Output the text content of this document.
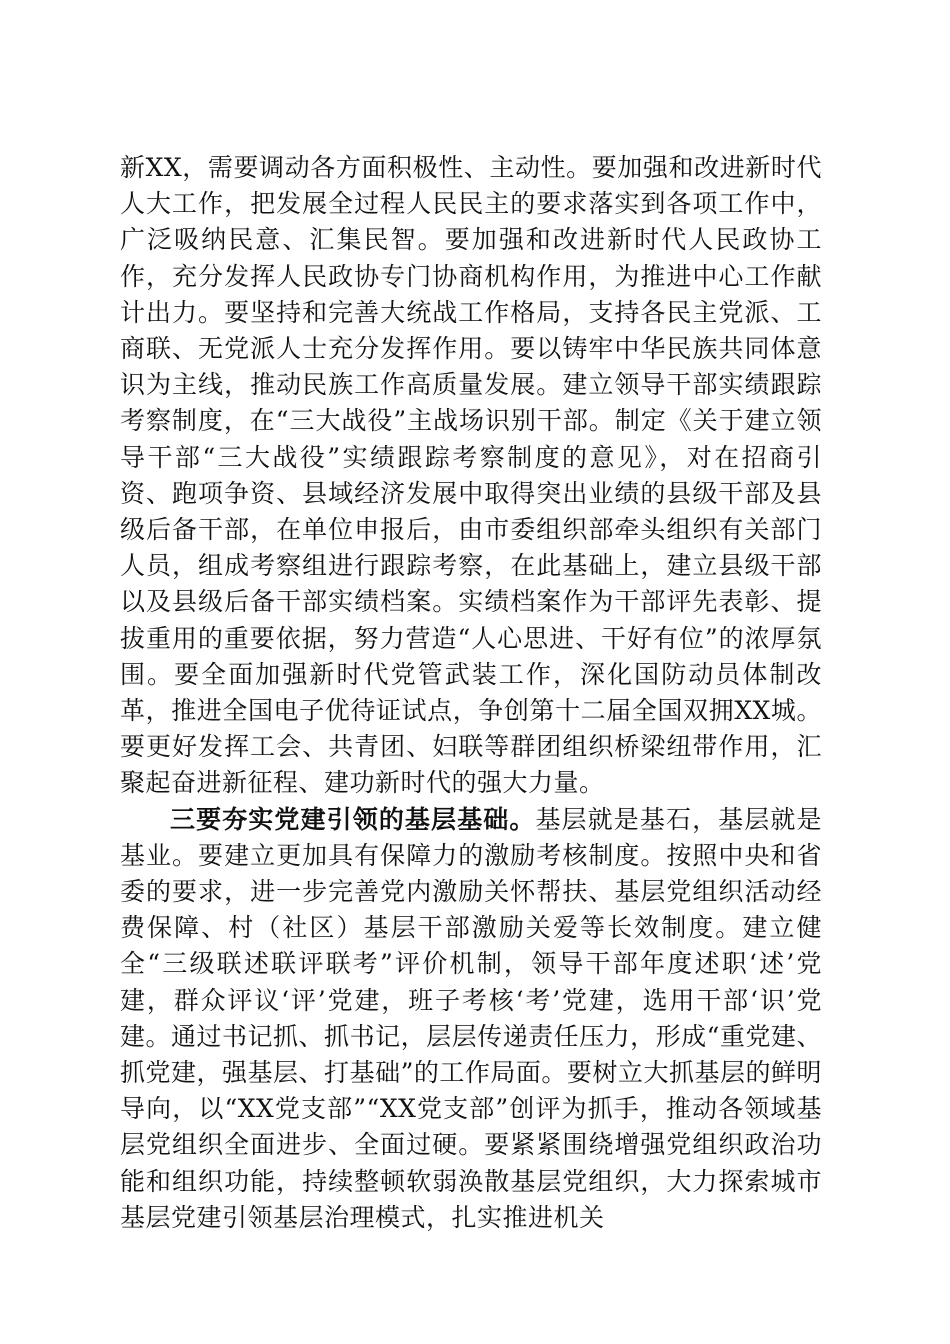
新XX，需要调动各方面积极性、主动性。要加强和改进新时代人大工作，把发展全过程人民民主的要求落实到各项工作中，广泛吸纳民意、汇集民智。要加强和改进新时代人民政协工作，充分发挥人民政协专门协商机构作用，为推进中心工作献计出力。要坚持和完善大统战工作格局，支持各民主党派、工商联、无党派人士充分发挥作用。要以铸牢中华民族共同体意识为主线，推动民族工作高质量发展。建立领导干部实绩跟踪考察制度，在“三大战役”主战场识别干部。制定《关于建立领导干部“三大战役”实绩跟踪考察制度的意见》，对在招商引资、跑项争资、县域经济发展中取得突出业绩的县级干部及县级后备干部，在单位申报后，由市委组织部牵头组织有关部门人员，组成考察组进行跟踪考察，在此基础上，建立县级干部以及县级后备干部实绩档案。实绩档案作为干部评先表彰、提拔重用的重要依据，努力营造“人心思进、干好有位”的浓厚氛围。要全面加强新时代党管武装工作，深化国防动员体制改革，推进全国电子优待证试点，争创第十二届全国双拥XX城。要更好发挥工会、共青团、妇联等群团组织桥梁纽带作用，汇聚起奋进新征程、建功新时代的强大力量。

三要夯实党建引领的基层基础。基层就是基石，基层就是基业。要建立更加具有保障力的激励考核制度。按照中央和省委的要求，进一步完善党内激励关怀帮扶、基层党组织活动经费保障、村（社区）基层干部激励关爱等长效制度。建立健全“三级联述联评联考”评价机制，领导干部年度述职‘述’党建，群众评议‘评’党建，班子考核‘考’党建，选用干部‘识’党建。通过书记抓、抓书记，层层传递责任压力，形成“重党建、抓党建，强基层、打基础”的工作局面。要树立大抓基层的鲜明导向，以“XX党支部”“XX党支部”创评为抓手，推动各领域基层党组织全面进步、全面过硬。要紧紧围绕增强党组织政治功能和组织功能，持续整顿软弱涣散基层党组织，大力探索城市基层党建引领基层治理模式，扎实推进机关
